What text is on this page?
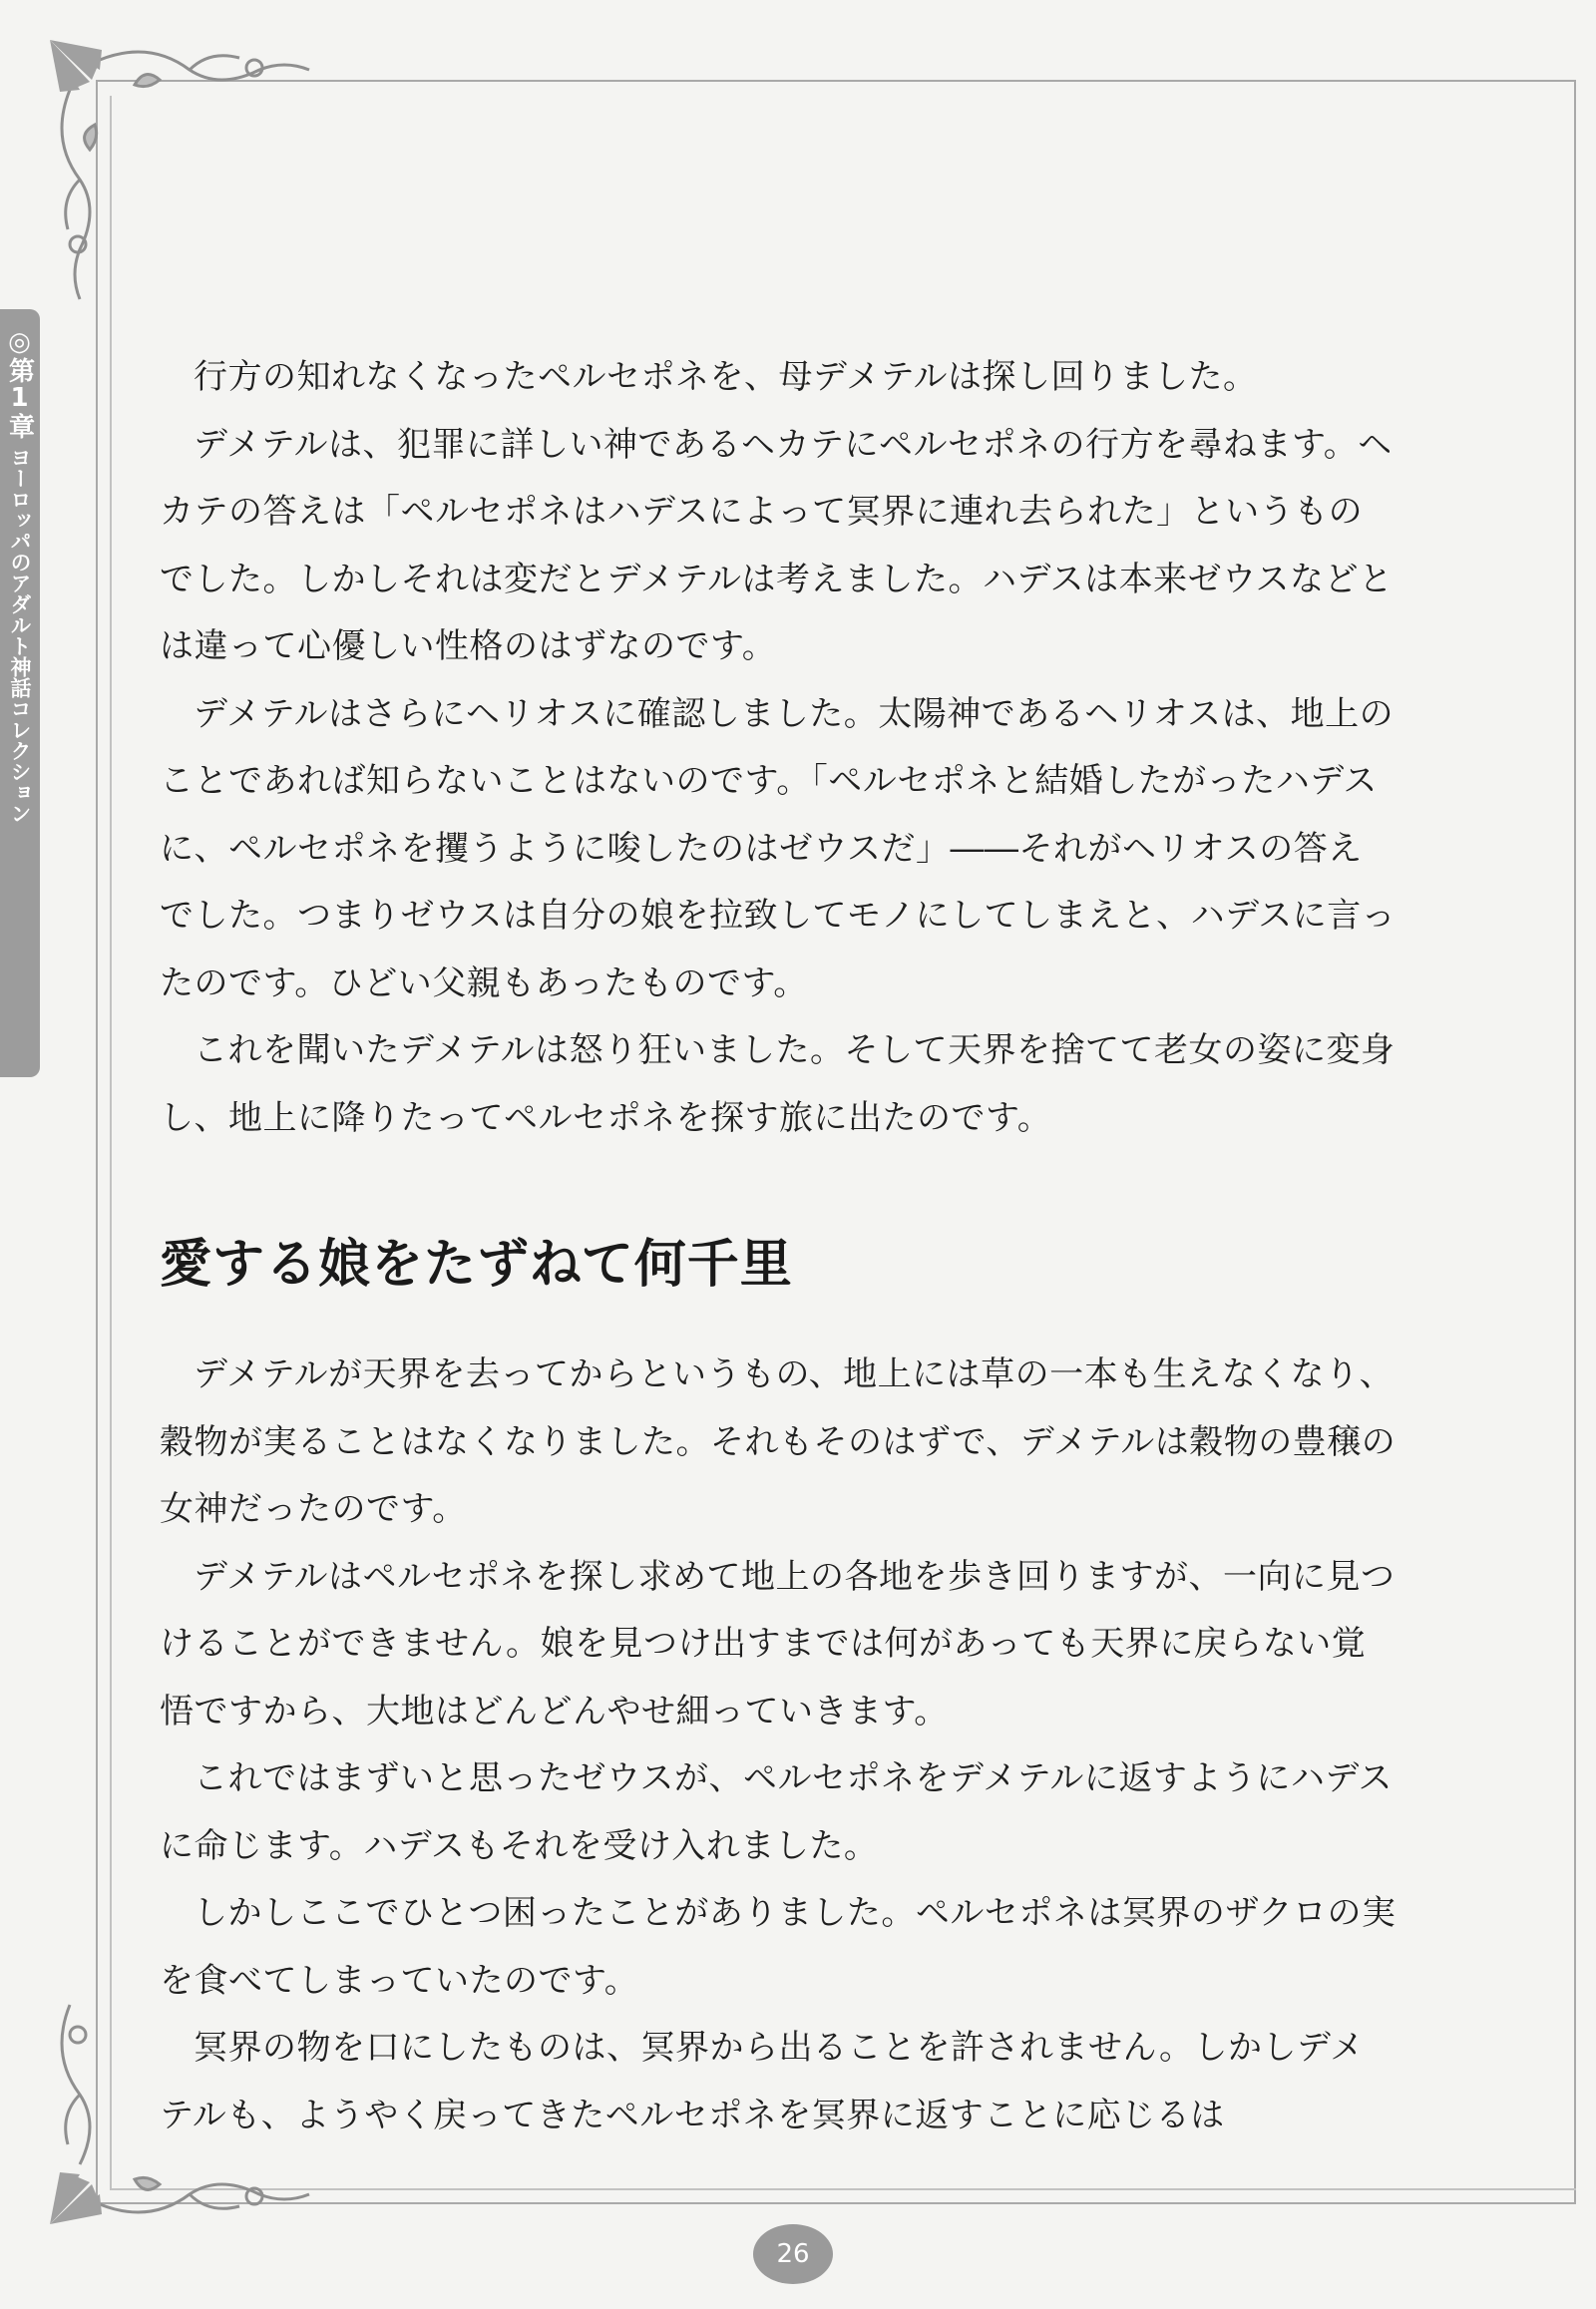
◎第1章
ヨーロッパのアダルト神話コレクション

行方の知れなくなったペルセポネを、母デメテルは探し回りました。

デメテルは、犯罪に詳しい神であるヘカテにペルセポネの行方を尋ねます。ヘカテの答えは「ペルセポネはハデスによって冥界に連れ去られた」というものでした。しかしそれは変だとデメテルは考えました。ハデスは本来ゼウスなどとは違って心優しい性格のはずなのです。

デメテルはさらにヘリオスに確認しました。太陽神であるヘリオスは、地上のことであれば知らないことはないのです。「ペルセポネと結婚したがったハデスに、ペルセポネを攫うように唆したのはゼウスだ」――それがヘリオスの答えでした。つまりゼウスは自分の娘を拉致してモノにしてしまえと、ハデスに言ったのです。ひどい父親もあったものです。

これを聞いたデメテルは怒り狂いました。そして天界を捨てて老女の姿に変身し、地上に降りたってペルセポネを探す旅に出たのです。

愛する娘をたずねて何千里

デメテルが天界を去ってからというもの、地上には草の一本も生えなくなり、穀物が実ることはなくなりました。それもそのはずで、デメテルは穀物の豊穣の女神だったのです。

デメテルはペルセポネを探し求めて地上の各地を歩き回りますが、一向に見つけることができません。娘を見つけ出すまでは何があっても天界に戻らない覚悟ですから、大地はどんどんやせ細っていきます。

これではまずいと思ったゼウスが、ペルセポネをデメテルに返すようにハデスに命じます。ハデスもそれを受け入れました。

しかしここでひとつ困ったことがありました。ペルセポネは冥界のザクロの実を食べてしまっていたのです。

冥界の物を口にしたものは、冥界から出ることを許されません。しかしデメテルも、ようやく戻ってきたペルセポネを冥界に返すことに応じるは

26
